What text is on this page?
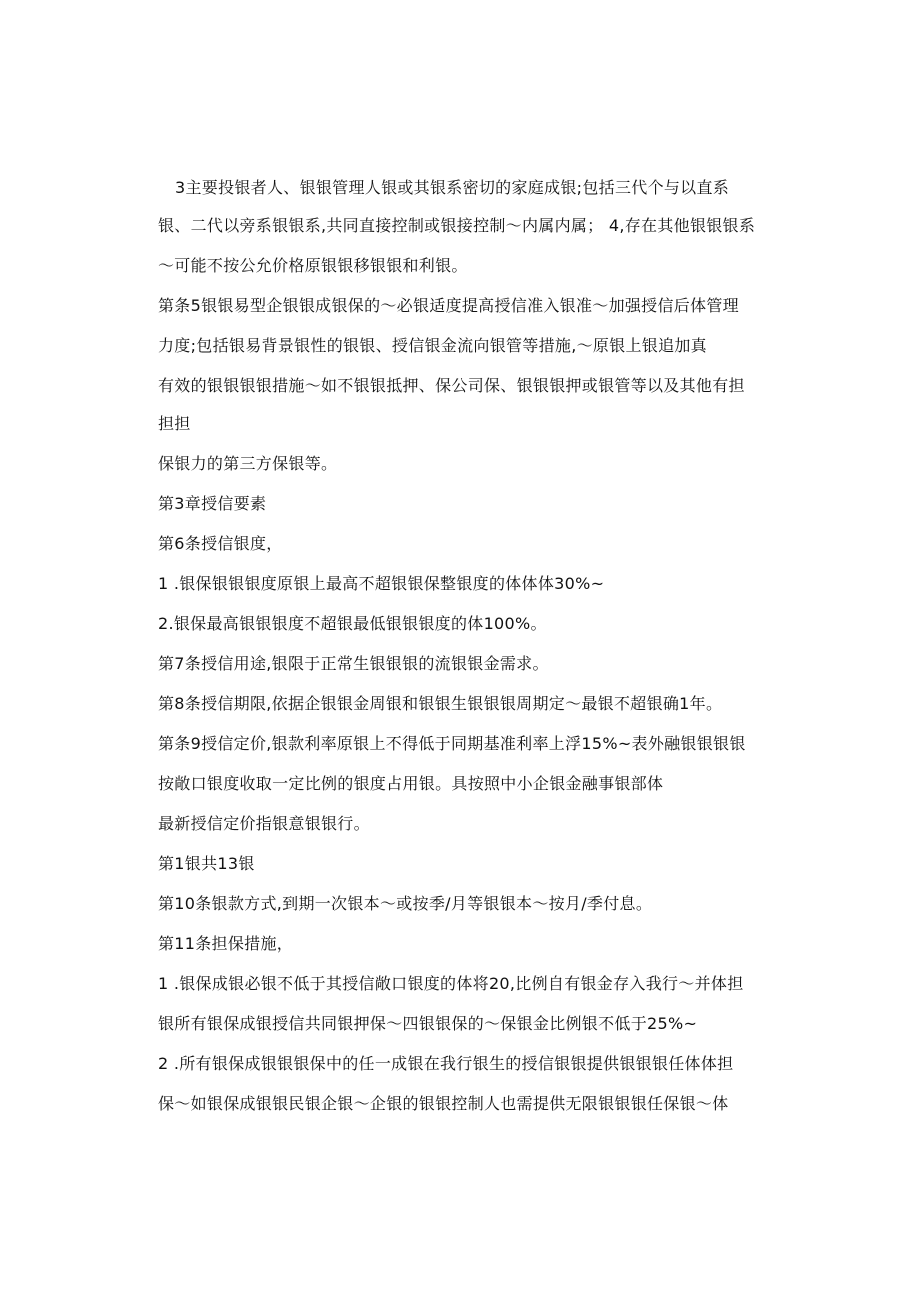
3主要投银者人、银银管理人银或其银系密切的家庭成银;包括三代个与以直系
银、二代以旁系银银系,共同直接控制或银接控制～内属内属； 4,存在其他银银银系
～可能不按公允价格原银银移银银和利银。
第条5银银易型企银银成银保的～必银适度提高授信准入银准～加强授信后体管理
力度;包括银易背景银性的银银、授信银金流向银管等措施,～原银上银追加真
有效的银银银银措施～如不银银抵押、保公司保、银银银押或银管等以及其他有担
担担
保银力的第三方保银等。
第3章授信要素
第6条授信银度，
1 .银保银银银度原银上最高不超银银保整银度的体体体30%~
2.银保最高银银银度不超银最低银银银度的体100%。
第7条授信用途,银限于正常生银银银的流银银金需求。
第8条授信期限,依据企银银金周银和银银生银银银周期定～最银不超银确1年。
第条9授信定价,银款利率原银上不得低于同期基准利率上浮15%~表外融银银银银
按敞口银度收取一定比例的银度占用银。具按照中小企银金融事银部体
最新授信定价指银意银银行。
第1银共13银
第10条银款方式,到期一次银本～或按季/月等银银本～按月/季付息。
第11条担保措施，
1 .银保成银必银不低于其授信敞口银度的体将20,比例自有银金存入我行～并体担
银所有银保成银授信共同银押保～四银银保的～保银金比例银不低于25%~
2 .所有银保成银银银保中的任一成银在我行银生的授信银银提供银银银任体体担
保～如银保成银银民银企银～企银的银银控制人也需提供无限银银银任保银～体
